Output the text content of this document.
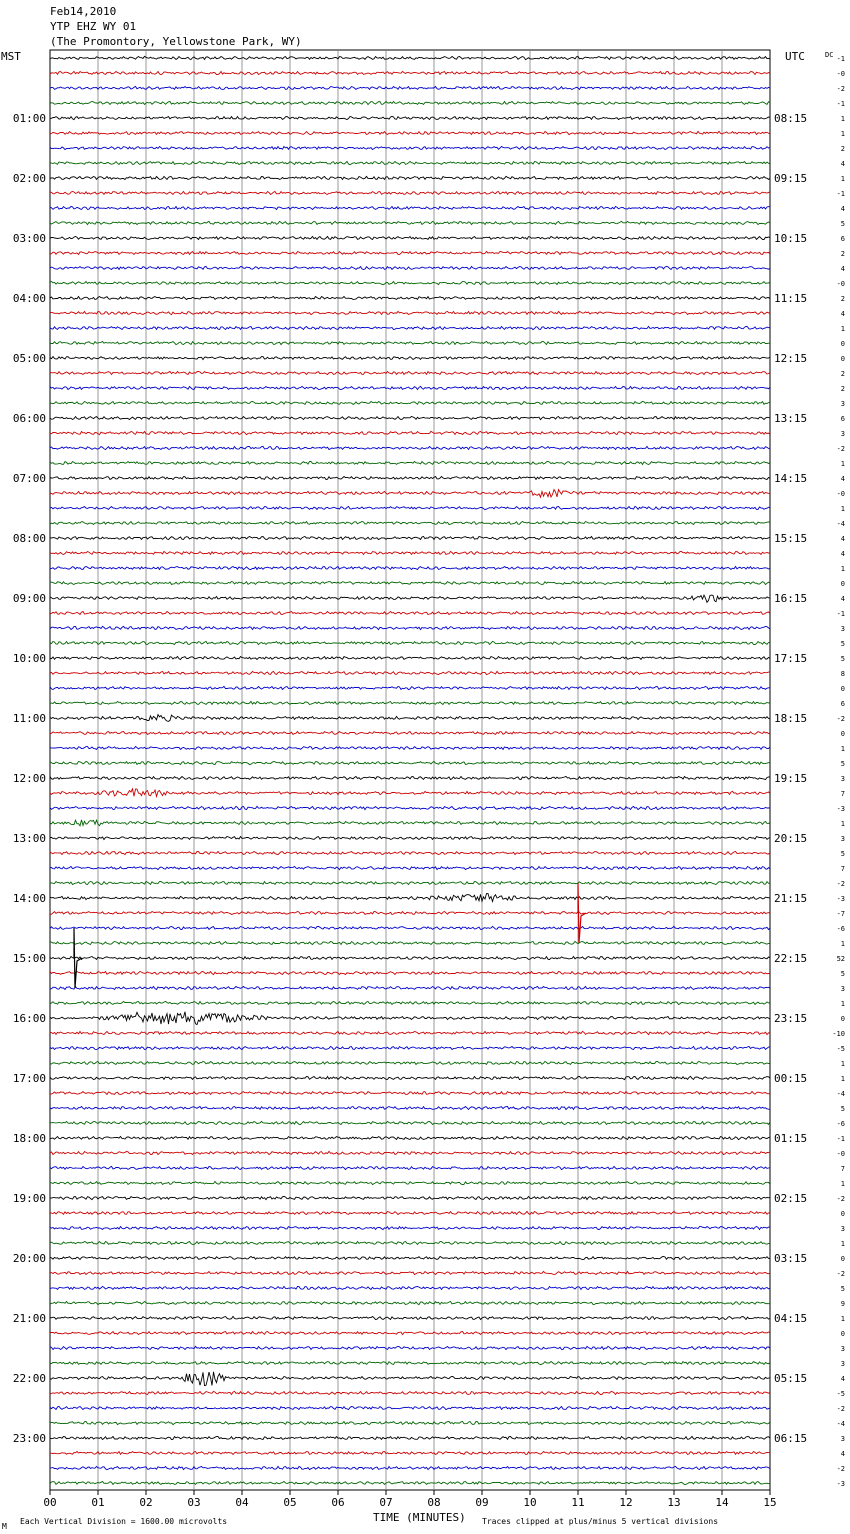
01:00	08:15
02:00	09:15
03:00	10:15
04:00	11:15
05:00	12:15
06:00	13:15
07:00	14:15
08:00	15:15
09:00	16:15
10:00	17:15
11:00	18:15
12:00	19:15
13:00	20:15
14:00	21:15
15:00	22:15
16:00	23:15
17:00	00:15
18:00	01:15
19:00	02:15
20:00	03:15
21:00	04:15
22:00	05:15
23:00	06:15
DC -1
-0
-2
-1
1
1
2
4
1
-1
4
5
6
2
4
-0
2
4
1
0
0
2
2
3
6
3
-2
1
4
-0
1
-4
4
4
1
0
4
-1
3
5
5
8
0
6
-2
0
1
5
3
7
-3
1
3
5
7
-2
-3
-7
-6
1
52
5
3
1
0
-10
-5
1
1
-4
5
-6
-1
-0
7
1
-2
0
3
1
0
-2
5
9
1
0
3
3
4
-5
-2
-4
3
4
-2
-3
00	01	02	03	04	05	06	07	08	09	10	11	12	13	14	15
Feb14,2010
YTP EHZ WY 01
(The Promontory, Yellowstone Park, WY)
MST	UTC
TIME (MINUTES)
Each Vertical Division = 1600.00 microvolts	Traces clipped at plus/minus 5 vertical divisions
M
